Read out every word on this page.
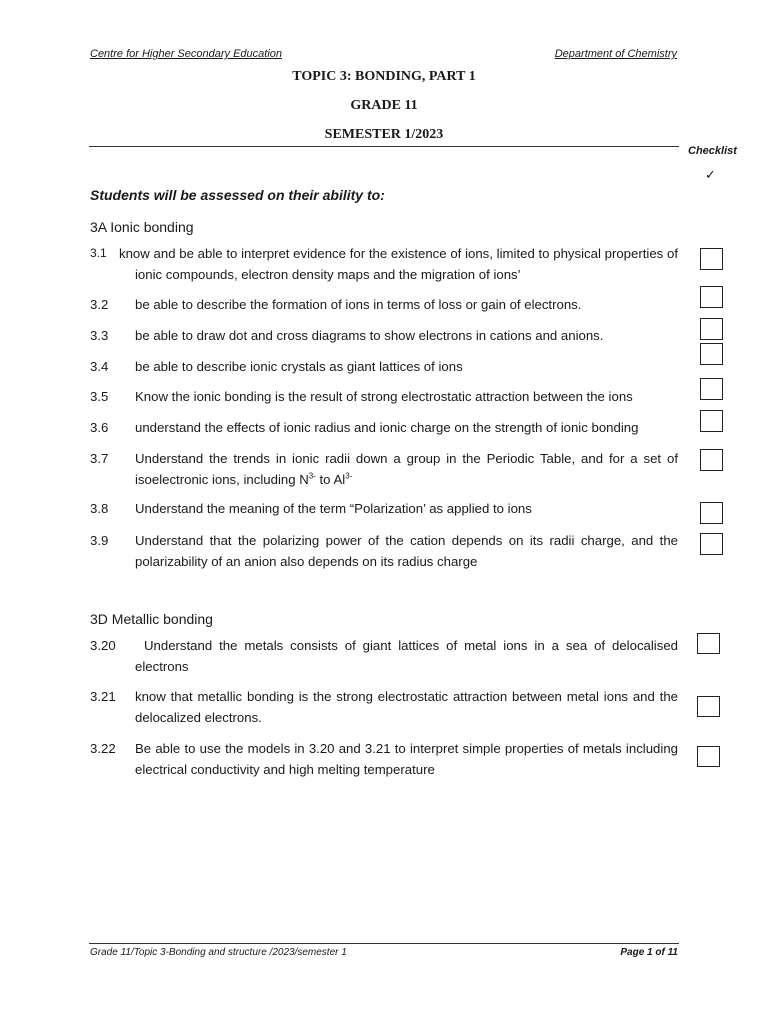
Centre for Higher Secondary Education	Department of Chemistry
TOPIC 3: BONDING, PART 1
GRADE 11
SEMESTER 1/2023
Checklist
✓
Students will be assessed on their ability to:
3A Ionic bonding
3.1 know and be able to interpret evidence for the existence of ions, limited to physical properties of ionic compounds, electron density maps and the migration of ions’
3.2 be able to describe the formation of ions in terms of loss or gain of electrons.
3.3 be able to draw dot and cross diagrams to show electrons in cations and anions.
3.4 be able to describe ionic crystals as giant lattices of ions
3.5 Know the ionic bonding is the result of strong electrostatic attraction between the ions
3.6 understand the effects of ionic radius and ionic charge on the strength of ionic bonding
3.7 Understand the trends in ionic radii down a group in the Periodic Table, and for a set of isoelectronic ions, including $N^{3-}$ to $Al^{3-}$
3.8 Understand the meaning of the term “Polarization’ as applied to ions
3.9 Understand that the polarizing power of the cation depends on its radii charge, and the polarizability of an anion also depends on its radius charge
3D Metallic bonding
3.20	Understand the metals consists of giant lattices of metal ions in a sea of delocalised electrons
3.21 know that metallic bonding is the strong electrostatic attraction between metal ions and the delocalized electrons.
3.22 Be able to use the models in 3.20 and 3.21 to interpret simple properties of metals including electrical conductivity and high melting temperature
Grade 11/Topic 3-Bonding and structure /2023/semester 1	Page 1 of 11
